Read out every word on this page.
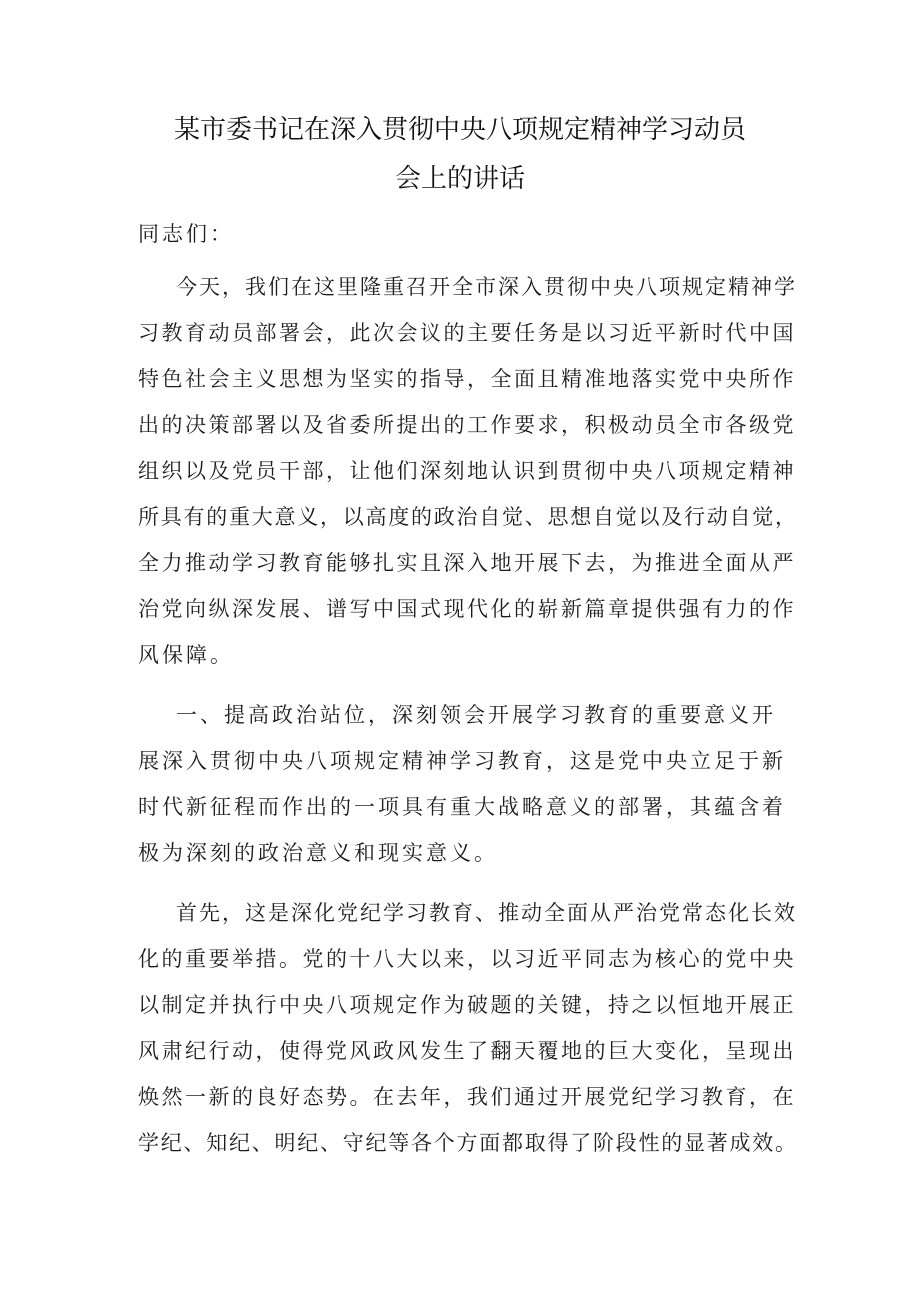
某市委书记在深入贯彻中央八项规定精神学习动员
会上的讲话

同志们：

今天，我们在这里隆重召开全市深入贯彻中央八项规定精神学

习教育动员部署会，此次会议的主要任务是以习近平新时代中国

特色社会主义思想为坚实的指导，全面且精准地落实党中央所作

出的决策部署以及省委所提出的工作要求，积极动员全市各级党

组织以及党员干部，让他们深刻地认识到贯彻中央八项规定精神

所具有的重大意义，以高度的政治自觉、思想自觉以及行动自觉，

全力推动学习教育能够扎实且深入地开展下去，为推进全面从严

治党向纵深发展、谱写中国式现代化的崭新篇章提供强有力的作

风保障。

一、提高政治站位，深刻领会开展学习教育的重要意义开

展深入贯彻中央八项规定精神学习教育，这是党中央立足于新

时代新征程而作出的一项具有重大战略意义的部署，其蕴含着

极为深刻的政治意义和现实意义。

首先，这是深化党纪学习教育、推动全面从严治党常态化长效

化的重要举措。党的十八大以来，以习近平同志为核心的党中央

以制定并执行中央八项规定作为破题的关键，持之以恒地开展正

风肃纪行动，使得党风政风发生了翻天覆地的巨大变化，呈现出

焕然一新的良好态势。在去年，我们通过开展党纪学习教育，在

学纪、知纪、明纪、守纪等各个方面都取得了阶段性的显著成效。
